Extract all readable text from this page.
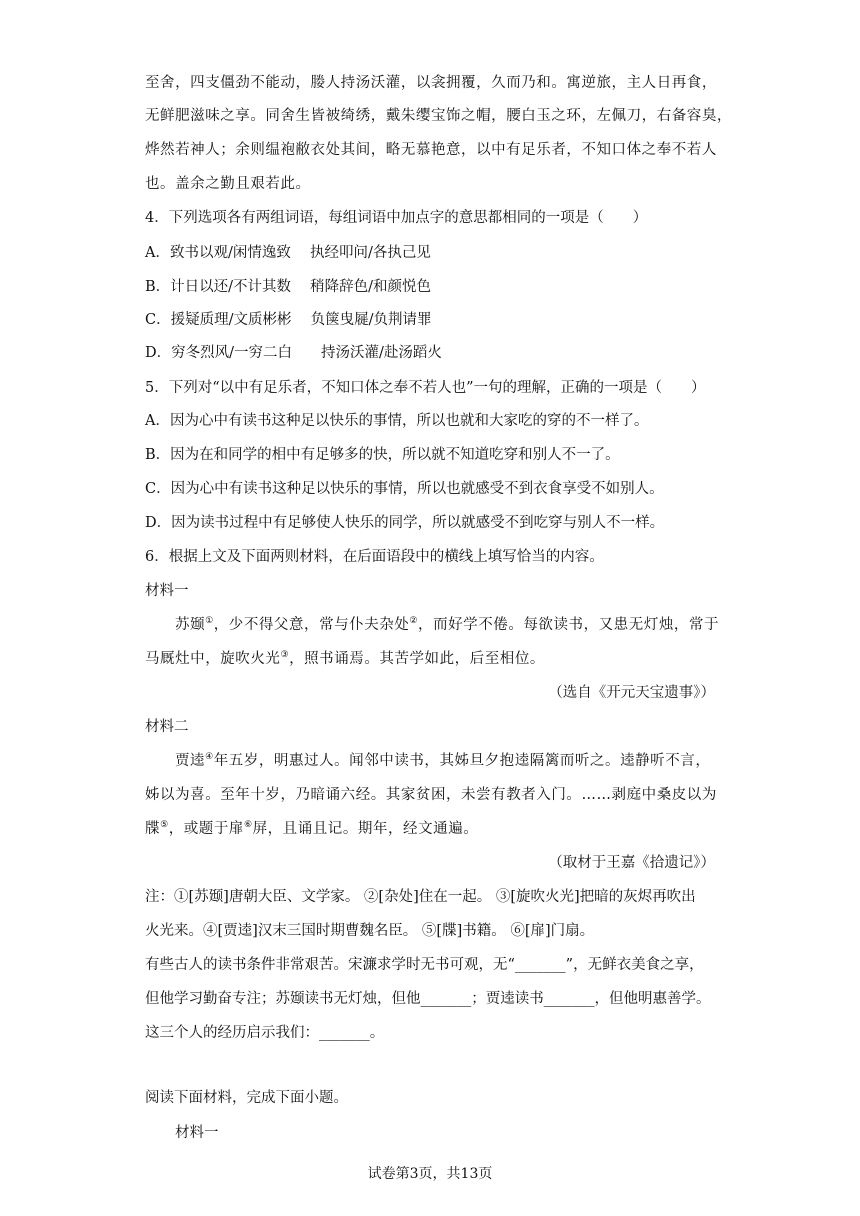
至舍，四支僵劲不能动，媵人持汤沃灌，以衾拥覆，久而乃和。寓逆旅，主人日再食，
无鲜肥滋味之享。同舍生皆被绮绣，戴朱缨宝饰之帽，腰白玉之环，左佩刀，右备容臭，
烨然若神人；余则缊袍敝衣处其间，略无慕艳意，以中有足乐者，不知口体之奉不若人
也。盖余之勤且艰若此。
4．下列选项各有两组词语，每组词语中加点字的意思都相同的一项是（　　）
A．致书以观/闲情逸致　 执经叩问/各执己见
B．计日以还/不计其数　 稍降辞色/和颜悦色
C．援疑质理/文质彬彬　 负箧曳屣/负荆请罪
D．穷冬烈风/一穷二白　　持汤沃灌/赴汤蹈火
5．下列对“以中有足乐者，不知口体之奉不若人也”一句的理解，正确的一项是（　　）
A．因为心中有读书这种足以快乐的事情，所以也就和大家吃的穿的不一样了。
B．因为在和同学的相中有足够多的快，所以就不知道吃穿和别人不一了。
C．因为心中有读书这种足以快乐的事情，所以也就感受不到衣食享受不如别人。
D．因为读书过程中有足够使人快乐的同学，所以就感受不到吃穿与别人不一样。
6．根据上文及下面两则材料，在后面语段中的横线上填写恰当的内容。
材料一
苏颋①，少不得父意，常与仆夫杂处②，而好学不倦。每欲读书，又患无灯烛，常于
马厩灶中，旋吹火光③，照书诵焉。其苦学如此，后至相位。
（选自《开元天宝遗事》）
材料二
贾逵④年五岁，明惠过人。闻邻中读书，其姊旦夕抱逵隔篱而听之。逵静听不言，
姊以为喜。至年十岁，乃暗诵六经。其家贫困，未尝有教者入门。……剥庭中桑皮以为
牒⑤，或题于扉⑥屏，且诵且记。期年，经文通遍。
（取材于王嘉《拾遗记》）
注：①[苏颋]唐朝大臣、文学家。 ②[杂处]住在一起。 ③[旋吹火光]把暗的灰烬再吹出
火光来。④[贾逵]汉末三国时期曹魏名臣。 ⑤[牒]书籍。 ⑥[扉]门扇。
有些古人的读书条件非常艰苦。宋濂求学时无书可观，无“_______”，无鲜衣美食之享，
但他学习勤奋专注；苏颋读书无灯烛，但他_______；贾逵读书_______，但他明惠善学。
这三个人的经历启示我们：_______。
阅读下面材料，完成下面小题。
材料一
试卷第3页，共13页
